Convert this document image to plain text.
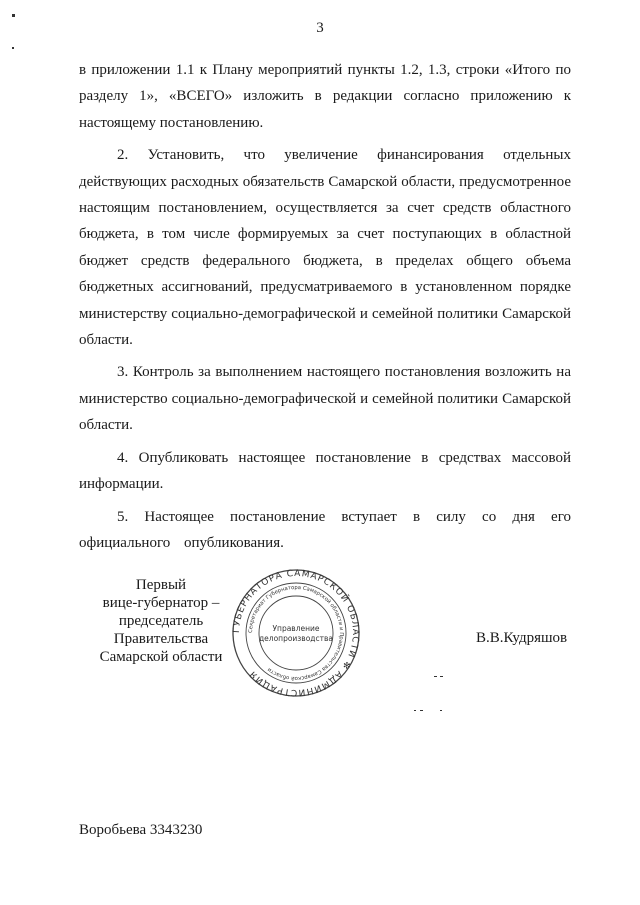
3

в приложении 1.1 к Плану мероприятий пункты 1.2, 1.3, строки «Итого по разделу 1», «ВСЕГО» изложить в редакции согласно приложению к настоящему постановлению.

2. Установить, что увеличение финансирования отдельных действующих расходных обязательств Самарской области, предусмотренное настоящим постановлением, осуществляется за счет средств областного бюджета, в том числе формируемых за счет поступающих в областной бюджет средств федерального бюджета, в пределах общего объема бюджетных ассигнований, предусматриваемого в установленном порядке министерству социально-демографической и семейной политики Самарской области.

3. Контроль за выполнением настоящего постановления возложить на министерство социально-демографической и семейной политики Самарской области.

4. Опубликовать настоящее постановление в средствах массовой информации.

5. Настоящее постановление вступает в силу со дня его официального опубликования.

Первый
вице-губернатор –
председатель Правительства
Самарской области
ГУБЕРНАТОРА САМАРСКОЙ ОБЛАСТИ ✻ АДМИНИСТРАЦИЯ
Секретариат Губернатора Самарской области и Правительства Самарской области
Управление
делопроизводства	В.В.Кудряшов
Воробьева 3343230
